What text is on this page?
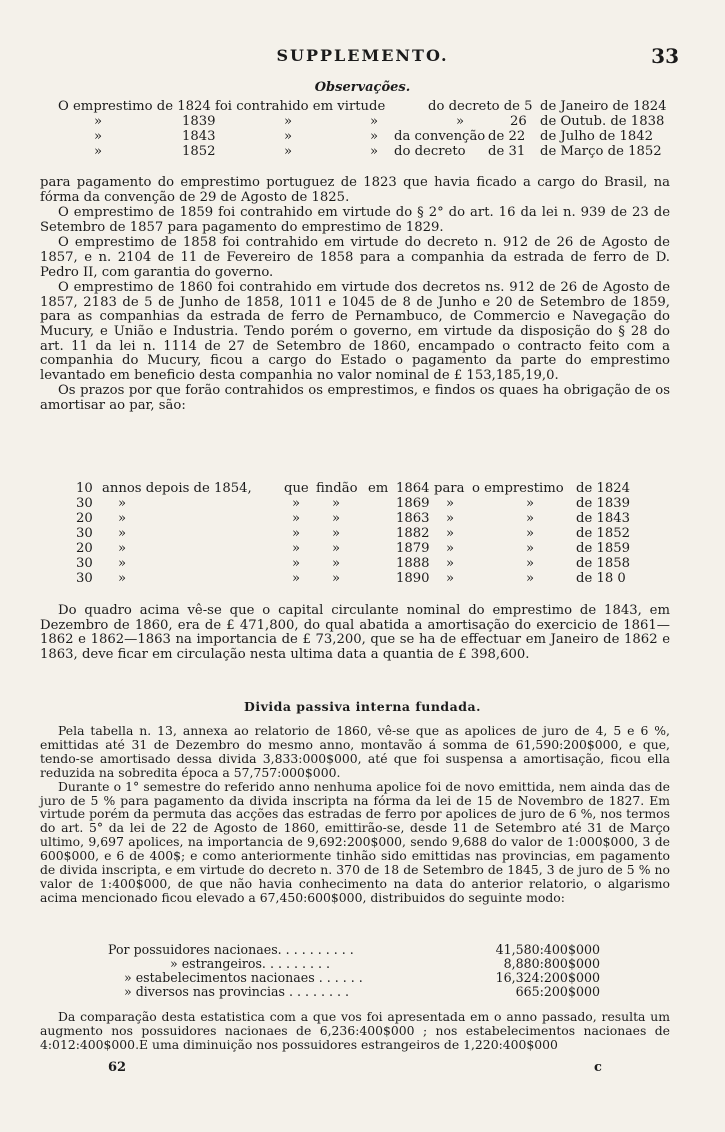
SUPPLEMENTO.	33
Observações.
O emprestimo de 1824 foi contrahido em virtude	do decreto de 5 de Janeiro de 1824
»	1839	»	»	»	26 de Outub. de 1838
»	1843	»	» da convenção de 22 de Julho de 1842
»	1852	»	» do decreto de 31 de Março de 1852

para pagamento do emprestimo portuguez de 1823 que havia ficado a cargo do Brasil, na fórma da convenção de 29 de Agosto de 1825.

O emprestimo de 1859 foi contrahido em virtude do § 2° do art. 16 da lei n. 939 de 23 de Setembro de 1857 para pagamento do emprestimo de 1829.

O emprestimo de 1858 foi contrahido em virtude do decreto n. 912 de 26 de Agosto de 1857, e n. 2104 de 11 de Fevereiro de 1858 para a companhia da estrada de ferro de D. Pedro II, com garantia do governo.

O emprestimo de 1860 foi contrahido em virtude dos decretos ns. 912 de 26 de Agosto de 1857, 2183 de 5 de Junho de 1858, 1011 e 1045 de 8 de Junho e 20 de Setembro de 1859, para as companhias da estrada de ferro de Pernambuco, de Commercio e Navegação do Mucury, e União e Industria. Tendo porém o governo, em virtude da disposição do § 28 do art. 11 da lei n. 1114 de 27 de Setembro de 1860, encampado o contracto feito com a companhia do Mucury, ficou a cargo do Estado o pagamento da parte do emprestimo levantado em beneficio desta companhia no valor nominal de £ 153,185,19,0.

Os prazos por que forão contrahidos os emprestimos, e findos os quaes ha obrigação de os amortisar ao par, são:

10 annos depois de 1854, que findão em 1864 para o emprestimo de 1824
30 »	» »	1869 »	»	de 1839
20 »	» »	1863 »	»	de 1843
30 »	» »	1882 »	»	de 1852
20 »	» »	1879 »	»	de 1859
30 »	» »	1888 »	»	de 1858
30 »	» »	1890 »	»	de 18 0
Do quadro acima vê-se que o capital circulante nominal do emprestimo de 1843, em Dezembro de 1860, era de £ 471,800, do qual abatida a amortisação do exercicio de 1861—1862 e 1862—1863 na importancia de £ 73,200, que se ha de effectuar em Janeiro de 1862 e 1863, deve ficar em circulação nesta ultima data a quantia de £ 398,600.
Divida passiva interna fundada.

Pela tabella n. 13, annexa ao relatorio de 1860, vê-se que as apolices de juro de 4, 5 e 6 %, emittidas até 31 de Dezembro do mesmo anno, montavão á somma de 61,590:200$000, e que, tendo-se amortisado dessa divida 3,833:000$000, até que foi suspensa a amortisação, ficou ella reduzida na sobredita época a 57,757:000$000.

Durante o 1° semestre do referido anno nenhuma apolice foi de novo emittida, nem ainda das de juro de 5 % para pagamento da divida inscripta na fórma da lei de 15 de Novembro de 1827. Em virtude porém da permuta das acções das estradas de ferro por apolices de juro de 6 %, nos termos do art. 5° da lei de 22 de Agosto de 1860, emittirão-se, desde 11 de Setembro até 31 de Março ultimo, 9,697 apolices, na importancia de 9,692:200$000, sendo 9,688 do valor de 1:000$000, 3 de 600$000, e 6 de 400$; e como anteriormente tinhão sido emittidas nas provincias, em pagamento de divida inscripta, e em virtude do decreto n. 370 de 18 de Setembro de 1845, 3 de juro de 5 % no valor de 1:400$000, de que não havia conhecimento na data do anterior relatorio, o algarismo acima mencionado ficou elevado a 67,450:600$000, distribuidos do seguinte modo:

Por possuidores nacionaes. . . . . . . . . .	41,580:400$000
» estrangeiros. . . . . . . . .	8,880:800$000
» estabelecimentos nacionaes . . . . . .	16,324:200$000
» diversos nas provincias . . . . . . . .	665:200$000
Da comparação desta estatistica com a que vos foi apresentada em o anno passado, resulta um augmento nos possuidores nacionaes de 6,236:400$000 ; nos estabelecimentos nacionaes de 4:012:400$000.E uma diminuição nos possuidores estrangeiros de 1,220:400$000
62	c
